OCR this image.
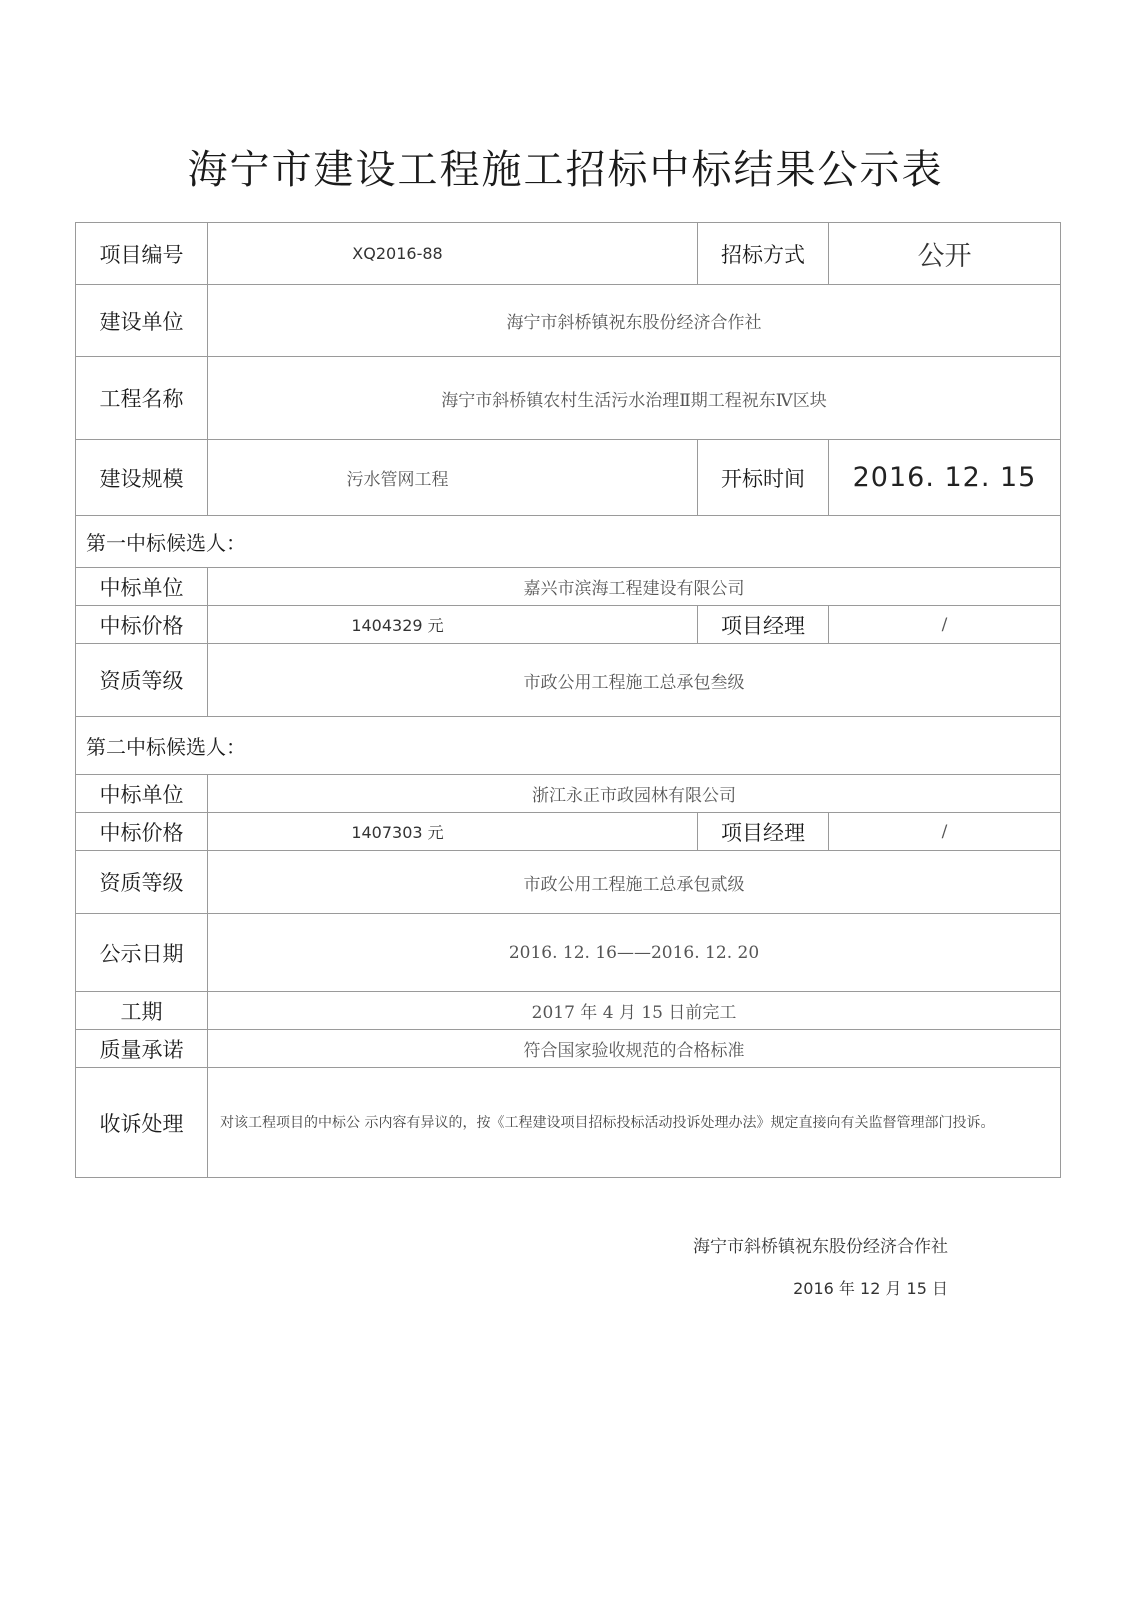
海宁市建设工程施工招标中标结果公示表
项目编号	XQ2016-88	招标方式	公开
建设单位	海宁市斜桥镇祝东股份经济合作社		
工程名称	海宁市斜桥镇农村生活污水治理Ⅱ期工程祝东Ⅳ区块		
建设规模	污水管网工程	开标时间	2016. 12. 15
第一中标候选人：			
中标单位	嘉兴市滨海工程建设有限公司		
中标价格	1404329 元	项目经理	/
资质等级	市政公用工程施工总承包叁级		
第二中标候选人：			
中标单位	浙江永正市政园林有限公司		
中标价格	1407303 元	项目经理	/
资质等级	市政公用工程施工总承包贰级		
公示日期	2016. 12. 16——2016. 12. 20		
工期	2017 年 4 月 15 日前完工		
质量承诺	符合国家验收规范的合格标准		
收诉处理	对该工程项目的中标公 示内容有异议的，按《工程建设项目招标投标活动投诉处理办法》规定直接向有关监督管理部门投诉。		
海宁市斜桥镇祝东股份经济合作社
2016 年 12 月 15 日
